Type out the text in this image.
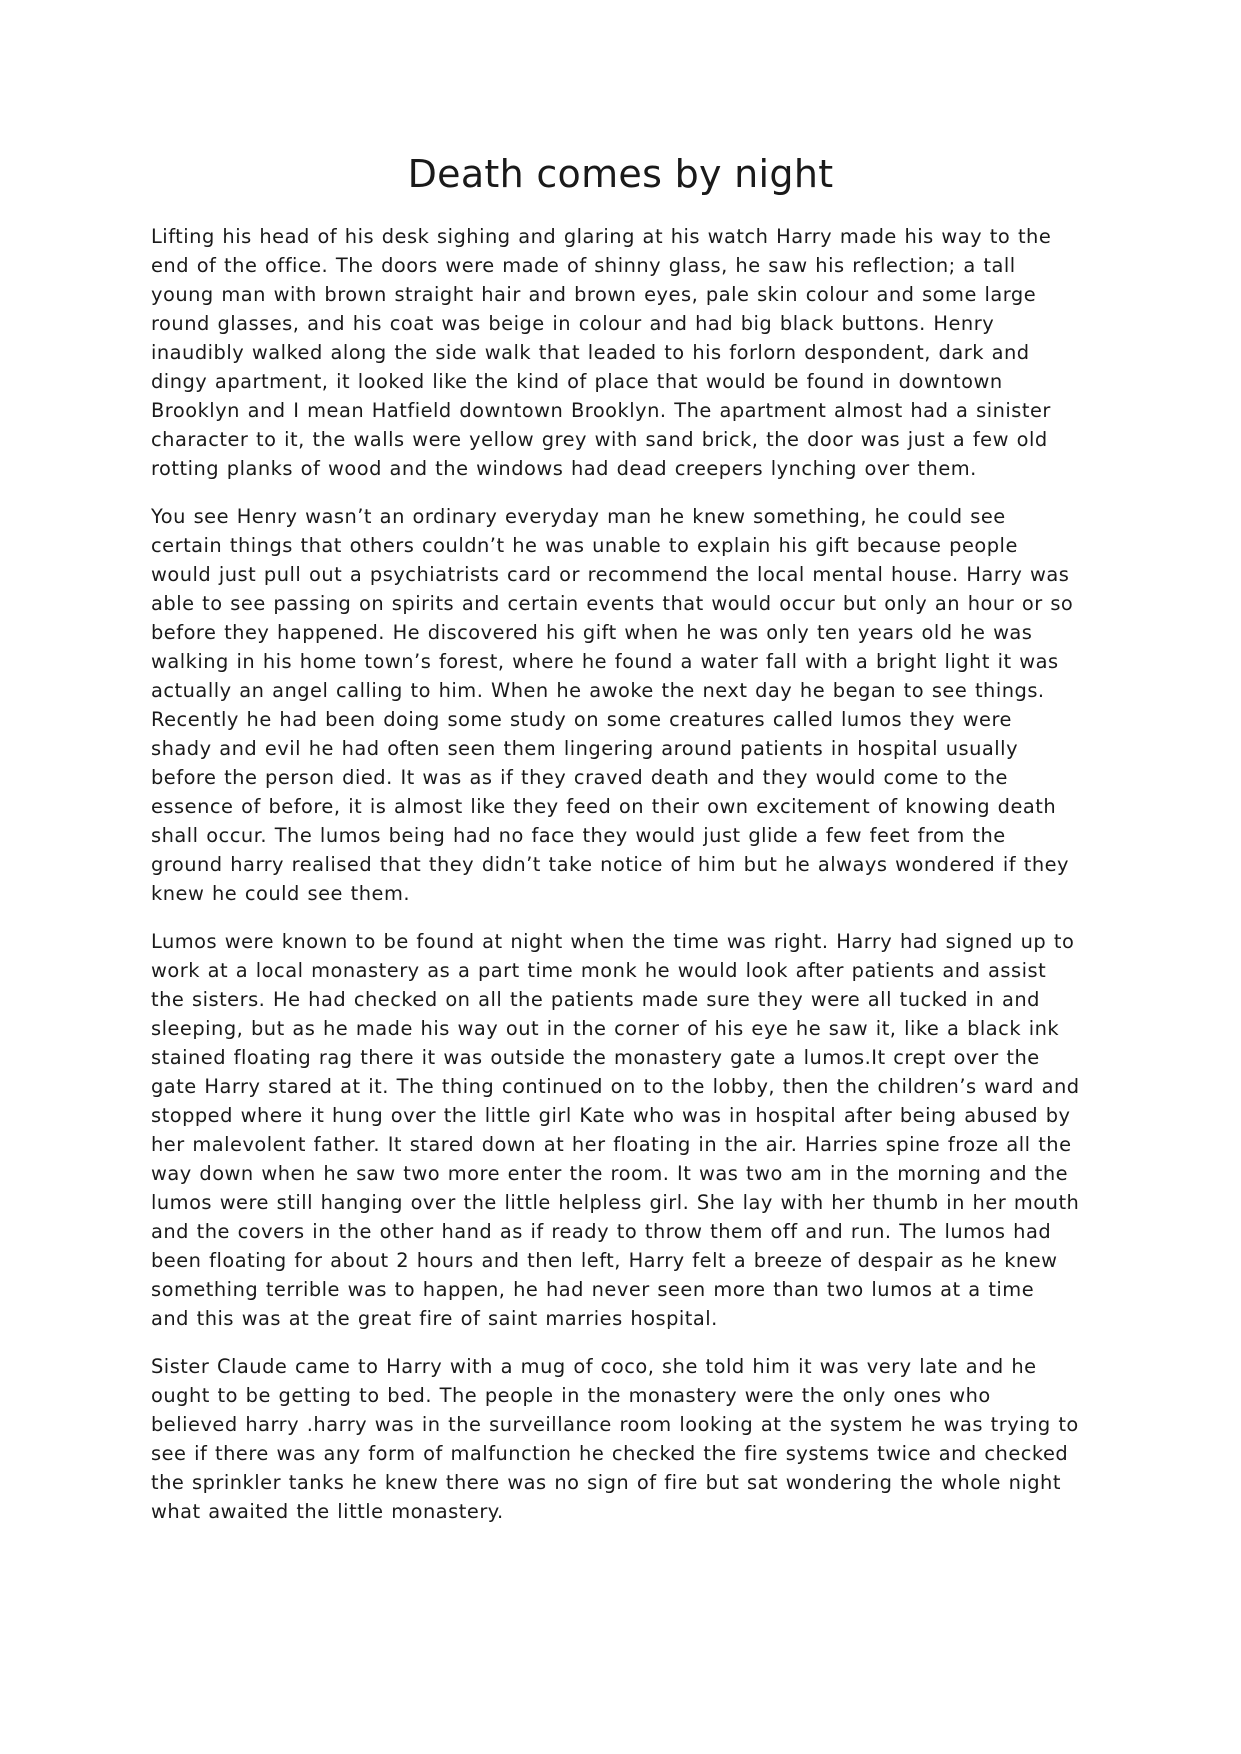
Death comes by night

Lifting his head of his desk sighing and glaring at his watch Harry made his way to the
end of the office. The doors were made of shinny glass, he saw his reflection; a tall
young man with brown straight hair and brown eyes, pale skin colour and some large
round glasses, and his coat was beige in colour and had big black buttons. Henry
inaudibly walked along the side walk that leaded to his forlorn despondent, dark and
dingy apartment, it looked like the kind of place that would be found in downtown
Brooklyn and I mean Hatfield downtown Brooklyn. The apartment almost had a sinister
character to it, the walls were yellow grey with sand brick, the door was just a few old
rotting planks of wood and the windows had dead creepers lynching over them.

You see Henry wasn’t an ordinary everyday man he knew something, he could see
certain things that others couldn’t he was unable to explain his gift because people
would just pull out a psychiatrists card or recommend the local mental house. Harry was
able to see passing on spirits and certain events that would occur but only an hour or so
before they happened. He discovered his gift when he was only ten years old he was
walking in his home town’s forest, where he found a water fall with a bright light it was
actually an angel calling to him. When he awoke the next day he began to see things.
Recently he had been doing some study on some creatures called lumos they were
shady and evil he had often seen them lingering around patients in hospital usually
before the person died. It was as if they craved death and they would come to the
essence of before, it is almost like they feed on their own excitement of knowing death
shall occur. The lumos being had no face they would just glide a few feet from the
ground harry realised that they didn’t take notice of him but he always wondered if they
knew he could see them.

Lumos were known to be found at night when the time was right. Harry had signed up to
work at a local monastery as a part time monk he would look after patients and assist
the sisters. He had checked on all the patients made sure they were all tucked in and
sleeping, but as he made his way out in the corner of his eye he saw it, like a black ink
stained floating rag there it was outside the monastery gate a lumos.It crept over the
gate Harry stared at it. The thing continued on to the lobby, then the children’s ward and
stopped where it hung over the little girl Kate who was in hospital after being abused by
her malevolent father. It stared down at her floating in the air. Harries spine froze all the
way down when he saw two more enter the room. It was two am in the morning and the
lumos were still hanging over the little helpless girl. She lay with her thumb in her mouth
and the covers in the other hand as if ready to throw them off and run. The lumos had
been floating for about 2 hours and then left, Harry felt a breeze of despair as he knew
something terrible was to happen, he had never seen more than two lumos at a time
and this was at the great fire of saint marries hospital.

Sister Claude came to Harry with a mug of coco, she told him it was very late and he
ought to be getting to bed. The people in the monastery were the only ones who
believed harry .harry was in the surveillance room looking at the system he was trying to
see if there was any form of malfunction he checked the fire systems twice and checked
the sprinkler tanks he knew there was no sign of fire but sat wondering the whole night
what awaited the little monastery.
